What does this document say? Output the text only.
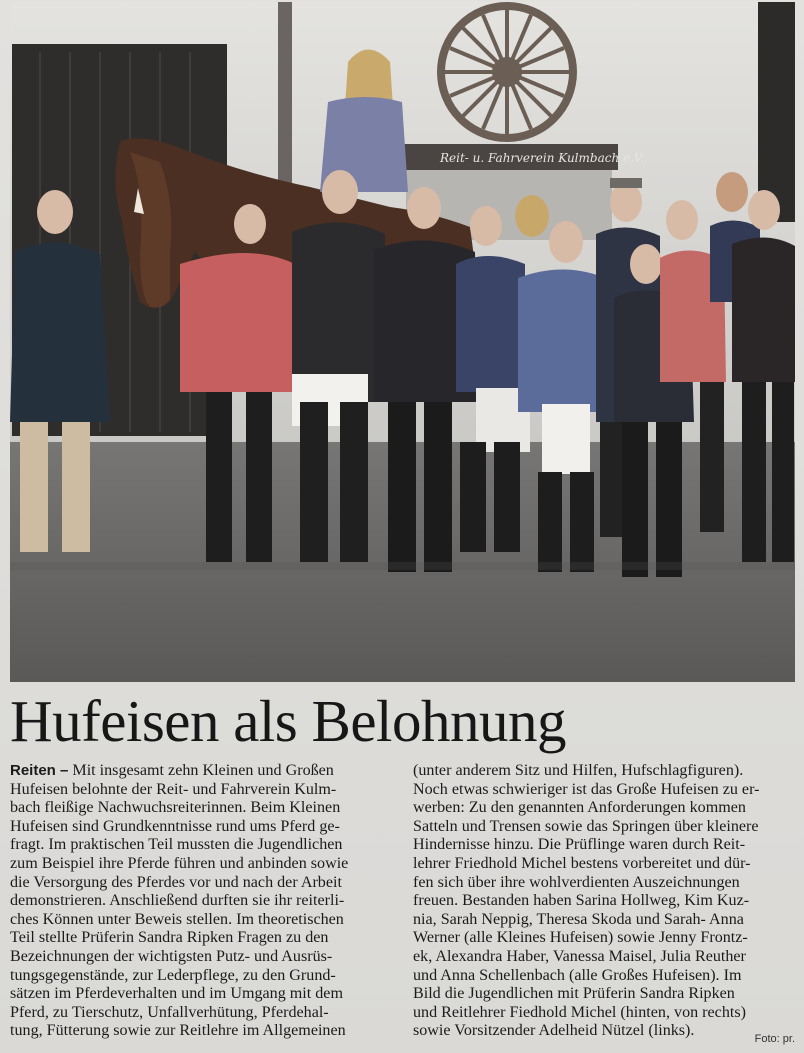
Reit- u. Fahrverein Kulmbach e.V.
Hufeisen als Belohnung
Reiten – Mit insgesamt zehn Kleinen und Großen
Hufeisen belohnte der Reit- und Fahrverein Kulm-
bach fleißige Nachwuchsreiterinnen. Beim Kleinen
Hufeisen sind Grundkenntnisse rund ums Pferd ge-
fragt. Im praktischen Teil mussten die Jugendlichen
zum Beispiel ihre Pferde führen und anbinden sowie
die Versorgung des Pferdes vor und nach der Arbeit
demonstrieren. Anschließend durften sie ihr reiterli-
ches Können unter Beweis stellen. Im theoretischen
Teil stellte Prüferin Sandra Ripken Fragen zu den
Bezeichnungen der wichtigsten Putz- und Ausrüs-
tungsgegenstände, zur Lederpflege, zu den Grund-
sätzen im Pferdeverhalten und im Umgang mit dem
Pferd, zu Tierschutz, Unfallverhütung, Pferdehal-
tung, Fütterung sowie zur Reitlehre im Allgemeinen
(unter anderem Sitz und Hilfen, Hufschlagfiguren).
Noch etwas schwieriger ist das Große Hufeisen zu er-
werben: Zu den genannten Anforderungen kommen
Satteln und Trensen sowie das Springen über kleinere
Hindernisse hinzu. Die Prüflinge waren durch Reit-
lehrer Friedhold Michel bestens vorbereitet und dür-
fen sich über ihre wohlverdienten Auszeichnungen
freuen. Bestanden haben Sarina Hollweg, Kim Kuz-
nia, Sarah Neppig, Theresa Skoda und Sarah- Anna
Werner (alle Kleines Hufeisen) sowie Jenny Frontz-
ek, Alexandra Haber, Vanessa Maisel, Julia Reuther
und Anna Schellenbach (alle Großes Hufeisen). Im
Bild die Jugendlichen mit Prüferin Sandra Ripken
und Reitlehrer Fiedhold Michel (hinten, von rechts)
sowie Vorsitzender Adelheid Nützel (links).	Foto: pr.
